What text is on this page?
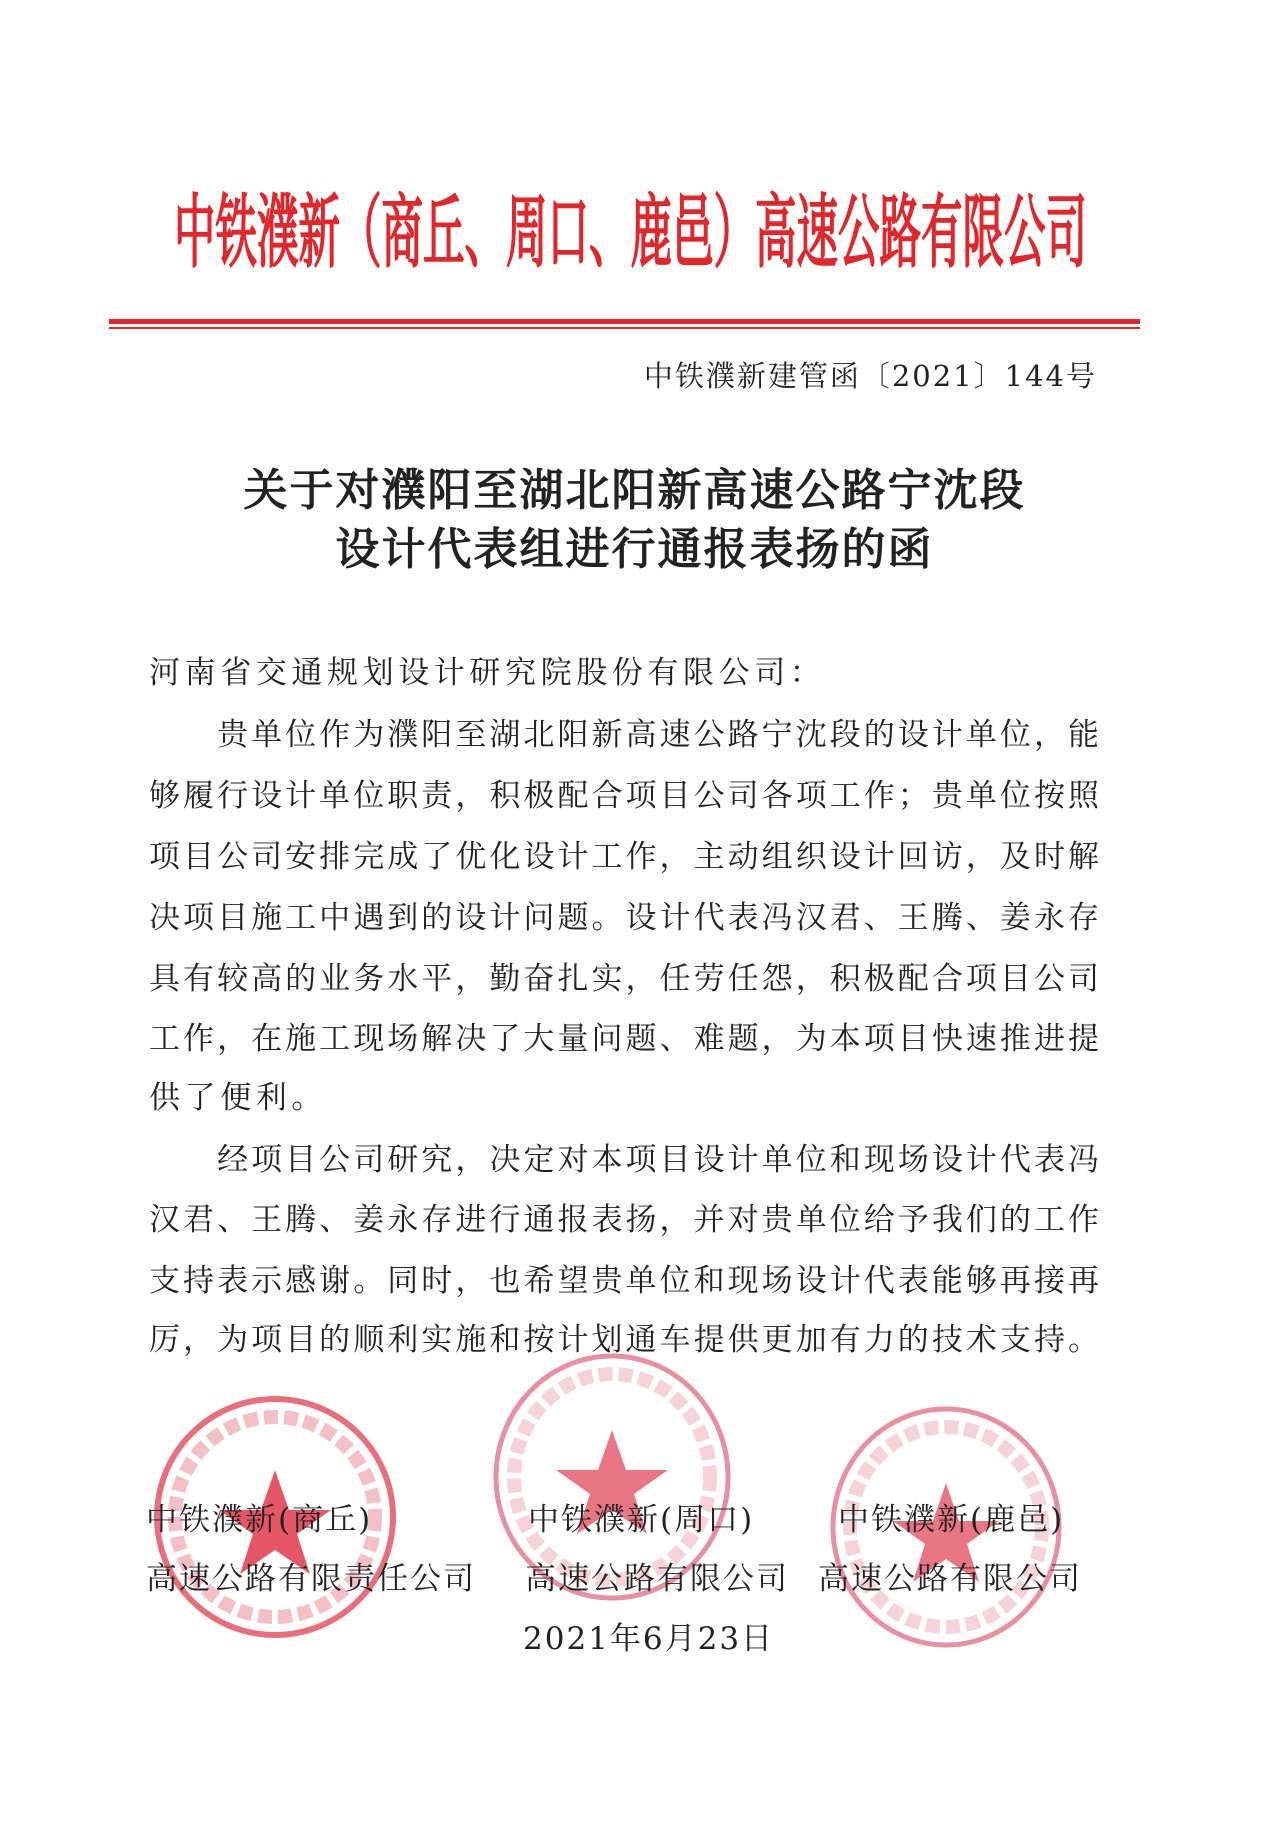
中铁濮新（商丘、周口、鹿邑）高速公路有限公司
中铁濮新建管函〔2021〕144号
关于对濮阳至湖北阳新高速公路宁沈段
设计代表组进行通报表扬的函
河南省交通规划设计研究院股份有限公司：
　　贵单位作为濮阳至湖北阳新高速公路宁沈段的设计单位，能
够履行设计单位职责，积极配合项目公司各项工作；贵单位按照
项目公司安排完成了优化设计工作，主动组织设计回访，及时解
决项目施工中遇到的设计问题。设计代表冯汉君、王腾、姜永存
具有较高的业务水平，勤奋扎实，任劳任怨，积极配合项目公司
工作，在施工现场解决了大量问题、难题，为本项目快速推进提
供了便利。
　　经项目公司研究，决定对本项目设计单位和现场设计代表冯
汉君、王腾、姜永存进行通报表扬，并对贵单位给予我们的工作
支持表示感谢。同时，也希望贵单位和现场设计代表能够再接再
厉，为项目的顺利实施和按计划通车提供更加有力的技术支持。
中铁濮新(商丘)
高速公路有限责任公司
中铁濮新(周口)
高速公路有限公司
中铁濮新(鹿邑)
高速公路有限公司
2021年6月23日
